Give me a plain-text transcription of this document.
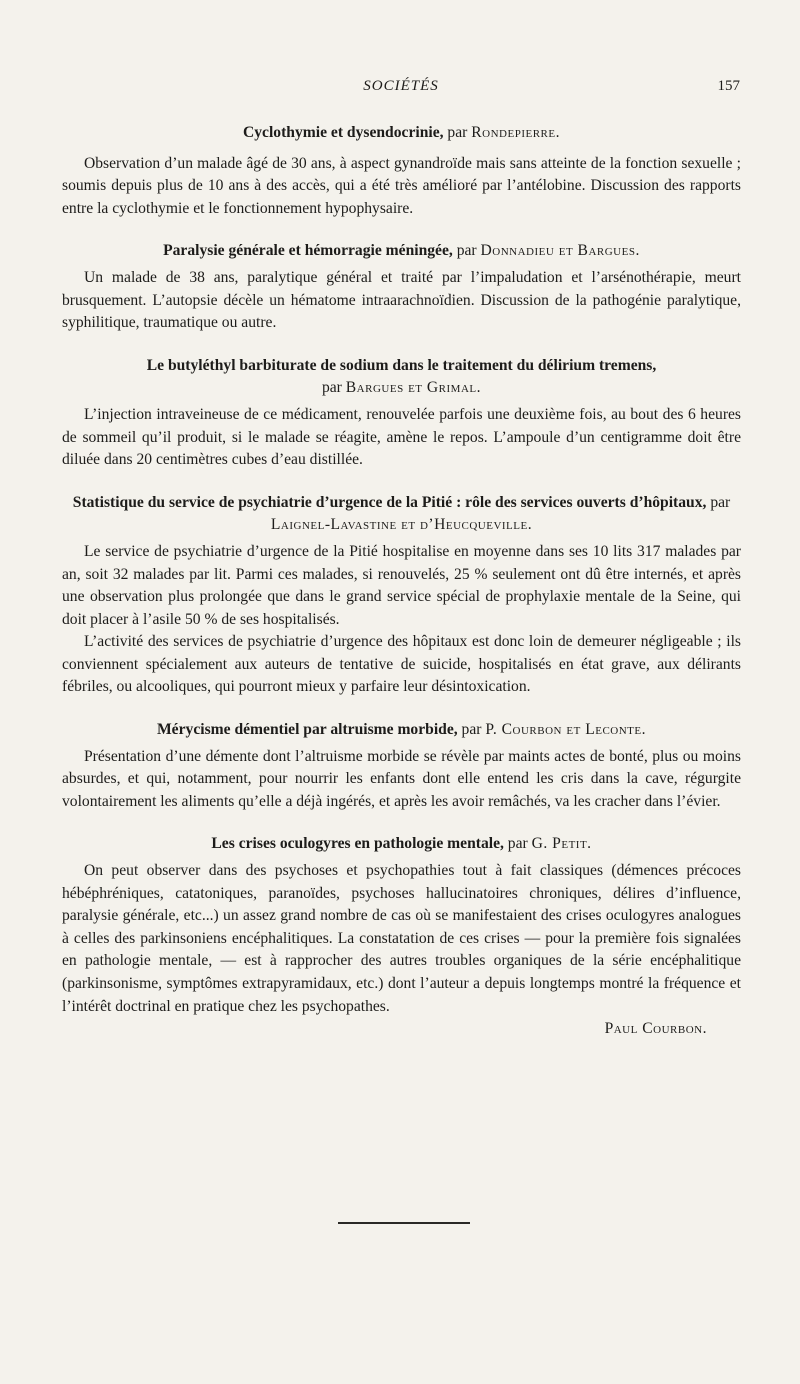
SOCIÉTÉS	157
Cyclothymie et dysendocrinie, par Rondepierre.

Observation d’un malade âgé de 30 ans, à aspect gynandroïde mais sans atteinte de la fonction sexuelle ; soumis depuis plus de 10 ans à des accès, qui a été très amélioré par l’antélobine. Discussion des rapports entre la cyclothymie et le fonctionnement hypophysaire.

Paralysie générale et hémorragie méningée, par Donnadieu et Bargues.

Un malade de 38 ans, paralytique général et traité par l’impaludation et l’arsénothérapie, meurt brusquement. L’autopsie décèle un hématome intraarachnoïdien. Discussion de la pathogénie paralytique, syphilitique, traumatique ou autre.

Le butyléthyl barbiturate de sodium dans le traitement du délirium tremens,
par Bargues et Grimal.

L’injection intraveineuse de ce médicament, renouvelée parfois une deuxième fois, au bout des 6 heures de sommeil qu’il produit, si le malade se réagite, amène le repos. L’ampoule d’un centigramme doit être diluée dans 20 centimètres cubes d’eau distillée.

Statistique du service de psychiatrie d’urgence de la Pitié : rôle des services ouverts d’hôpitaux, par Laignel-Lavastine et d’Heucqueville.

Le service de psychiatrie d’urgence de la Pitié hospitalise en moyenne dans ses 10 lits 317 malades par an, soit 32 malades par lit. Parmi ces malades, si renouvelés, 25 % seulement ont dû être internés, et après une observation plus prolongée que dans le grand service spécial de prophylaxie mentale de la Seine, qui doit placer à l’asile 50 % de ses hospitalisés.

L’activité des services de psychiatrie d’urgence des hôpitaux est donc loin de demeurer négligeable ; ils conviennent spécialement aux auteurs de tentative de suicide, hospitalisés en état grave, aux délirants fébriles, ou alcooliques, qui pourront mieux y parfaire leur désintoxication.

Mérycisme démentiel par altruisme morbide, par P. Courbon et Leconte.

Présentation d’une démente dont l’altruisme morbide se révèle par maints actes de bonté, plus ou moins absurdes, et qui, notamment, pour nourrir les enfants dont elle entend les cris dans la cave, régurgite volontairement les aliments qu’elle a déjà ingérés, et après les avoir remâchés, va les cracher dans l’évier.

Les crises oculogyres en pathologie mentale, par G. Petit.

On peut observer dans des psychoses et psychopathies tout à fait classiques (démences précoces hébéphréniques, catatoniques, paranoïdes, psychoses hallucinatoires chroniques, délires d’influence, paralysie générale, etc...) un assez grand nombre de cas où se manifestaient des crises oculogyres analogues à celles des parkinsoniens encéphalitiques. La constatation de ces crises — pour la première fois signalées en pathologie mentale, — est à rapprocher des autres troubles organiques de la série encéphalitique (parkinsonisme, symptômes extrapyramidaux, etc.) dont l’auteur a depuis longtemps montré la fréquence et l’intérêt doctrinal en pratique chez les psychopathes.

Paul Courbon.
